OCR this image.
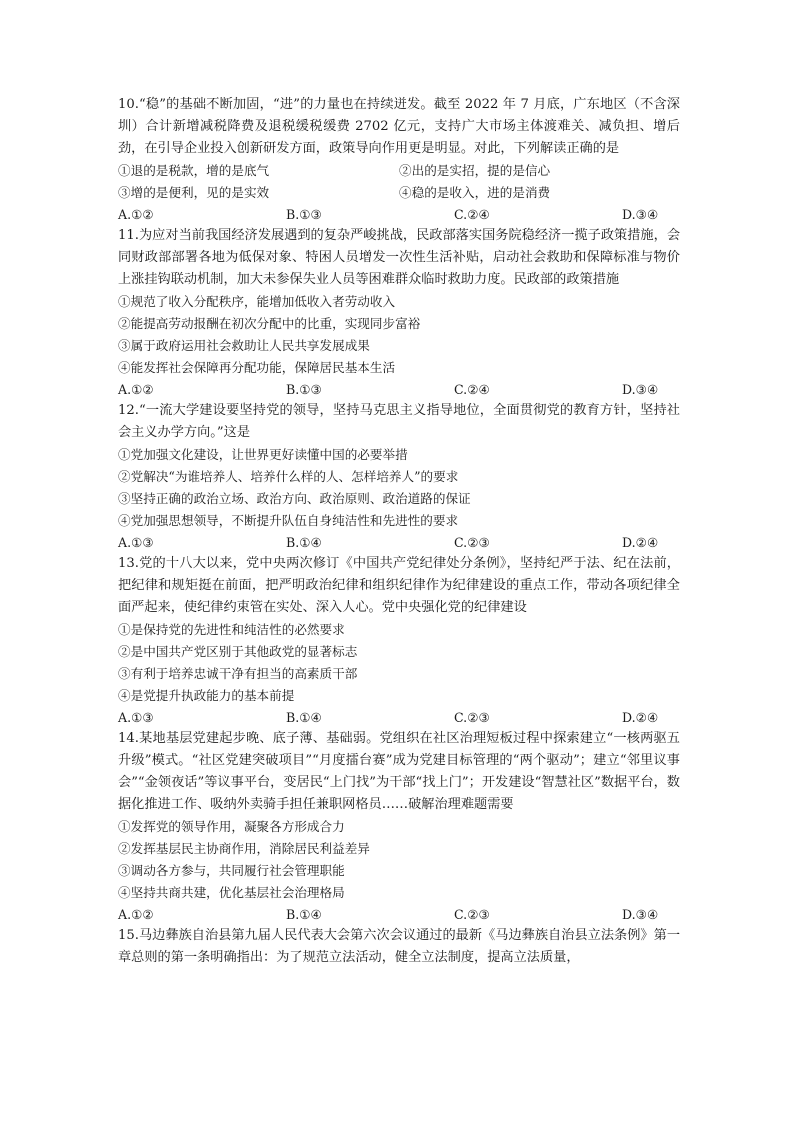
10.“稳”的基础不断加固，“进”的力量也在持续迸发。截至 2022 年 7 月底，广东地区（不含深圳）合计新增减税降费及退税缓税缓费 2702 亿元，支持广大市场主体渡难关、减负担、增后劲，在引导企业投入创新研发方面，政策导向作用更是明显。对此，下列解读正确的是
①退的是税款，增的是底气	②出的是实招，提的是信心
③增的是便利，见的是实效	④稳的是收入，进的是消费
A.①②	B.①③	C.②④	D.③④
11.为应对当前我国经济发展遇到的复杂严峻挑战，民政部落实国务院稳经济一揽子政策措施，会同财政部部署各地为低保对象、特困人员增发一次性生活补贴，启动社会救助和保障标准与物价上涨挂钩联动机制，加大未参保失业人员等困难群众临时救助力度。民政部的政策措施
①规范了收入分配秩序，能增加低收入者劳动收入
②能提高劳动报酬在初次分配中的比重，实现同步富裕
③属于政府运用社会救助让人民共享发展成果
④能发挥社会保障再分配功能，保障居民基本生活
A.①②	B.①③	C.②④	D.③④
12.“一流大学建设要坚持党的领导，坚持马克思主义指导地位，全面贯彻党的教育方针，坚持社会主义办学方向。”这是
①党加强文化建设，让世界更好读懂中国的必要举措
②党解决“为谁培养人、培养什么样的人、怎样培养人”的要求
③坚持正确的政治立场、政治方向、政治原则、政治道路的保证
④党加强思想领导，不断提升队伍自身纯洁性和先进性的要求
A.①③	B.①④	C.②③	D.②④
13.党的十八大以来，党中央两次修订《中国共产党纪律处分条例》，坚持纪严于法、纪在法前，把纪律和规矩挺在前面，把严明政治纪律和组织纪律作为纪律建设的重点工作，带动各项纪律全面严起来，使纪律约束管在实处、深入人心。党中央强化党的纪律建设
①是保持党的先进性和纯洁性的必然要求
②是中国共产党区别于其他政党的显著标志
③有利于培养忠诚干净有担当的高素质干部
④是党提升执政能力的基本前提
A.①③	B.①④	C.②③	D.②④
14.某地基层党建起步晚、底子薄、基础弱。党组织在社区治理短板过程中探索建立“一核两驱五升级”模式。“社区党建突破项目”“月度擂台赛”成为党建目标管理的“两个驱动”；建立“邻里议事会”“金领夜话”等议事平台，变居民“上门找”为干部“找上门”；开发建设“智慧社区”数据平台，数据化推进工作、吸纳外卖骑手担任兼职网格员……破解治理难题需要
①发挥党的领导作用，凝聚各方形成合力
②发挥基层民主协商作用，消除居民利益差异
③调动各方参与，共同履行社会管理职能
④坚持共商共建，优化基层社会治理格局
A.①②	B.①④	C.②③	D.③④
15.马边彝族自治县第九届人民代表大会第六次会议通过的最新《马边彝族自治县立法条例》第一章总则的第一条明确指出：为了规范立法活动，健全立法制度，提高立法质量，
